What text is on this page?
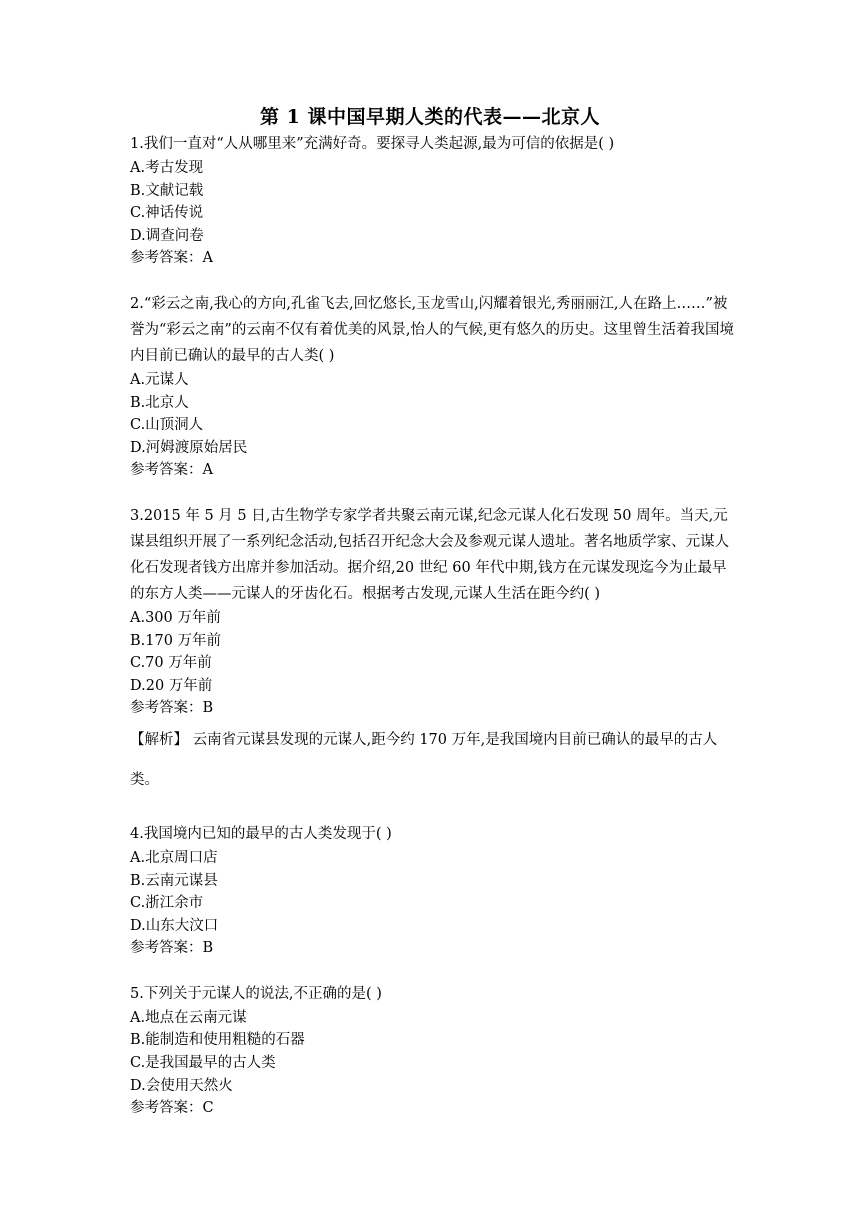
第 1 课中国早期人类的代表——北京人

1.我们一直对“人从哪里来”充满好奇。要探寻人类起源,最为可信的依据是( )

A.考古发现

B.文献记载

C.神话传说

D.调查问卷

参考答案：A

2.“彩云之南,我心的方向,孔雀飞去,回忆悠长,玉龙雪山,闪耀着银光,秀丽丽江,人在路上……”被誉为“彩云之南”的云南不仅有着优美的风景,怡人的气候,更有悠久的历史。这里曾生活着我国境内目前已确认的最早的古人类( )

A.元谋人

B.北京人

C.山顶洞人

D.河姆渡原始居民

参考答案：A

3.2015 年 5 月 5 日,古生物学专家学者共聚云南元谋,纪念元谋人化石发现 50 周年。当天,元谋县组织开展了一系列纪念活动,包括召开纪念大会及参观元谋人遗址。著名地质学家、元谋人化石发现者钱方出席并参加活动。据介绍,20 世纪 60 年代中期,钱方在元谋发现迄今为止最早的东方人类——元谋人的牙齿化石。根据考古发现,元谋人生活在距今约( )

A.300 万年前

B.170 万年前

C.70 万年前

D.20 万年前

参考答案：B

【解析】 云南省元谋县发现的元谋人,距今约 170 万年,是我国境内目前已确认的最早的古人类。

4.我国境内已知的最早的古人类发现于( )

A.北京周口店

B.云南元谋县

C.浙江余市

D.山东大汶口

参考答案：B

5.下列关于元谋人的说法,不正确的是( )

A.地点在云南元谋

B.能制造和使用粗糙的石器

C.是我国最早的古人类

D.会使用天然火

参考答案：C
